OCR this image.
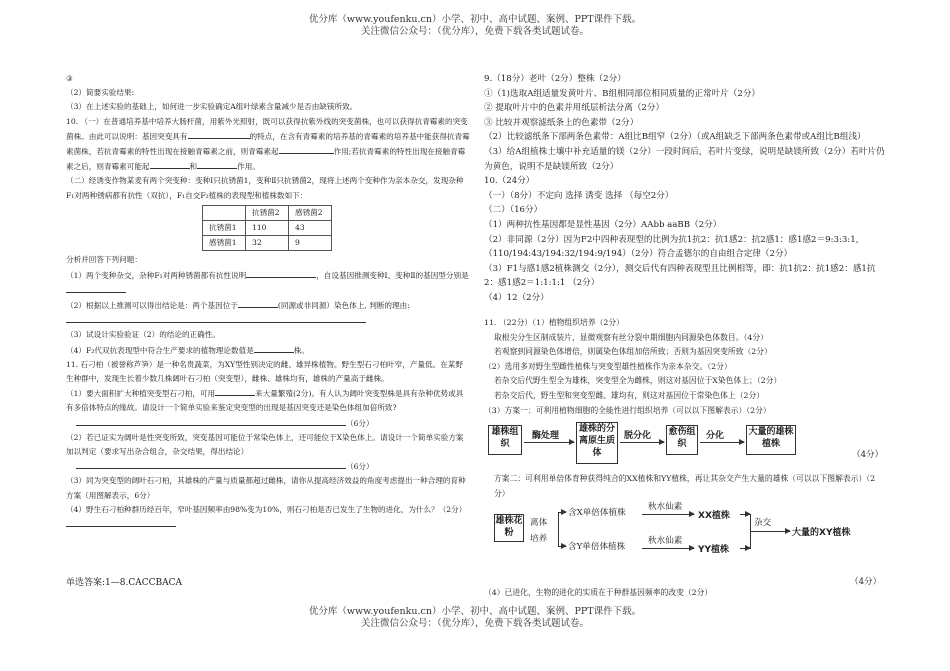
优分库（www.youfenku.cn）小学、初中、高中试题、案例、PPT课件下载。
关注微信公众号：（优分库），免费下载各类试题试卷。

③

（2）简要实验结果:

（3）在上述实验的基础上，如何进一步实验确定A组叶绿素含量减少是否由缺镁所致。

10. （一）在普通培养基中培养大肠杆菌，用紫外光照射，既可以获得抗紫外线的突变菌株，也可以获得抗青霉素的突变菌株。由此可以说明：基因突变具有	的特点，在含有青霉素的培养基的青霉素的培养基中能获得抗青霉素菌株，若抗青霉素的特性出现在接触青霉素之前，则青霉素起	作用;若抗青霉素的特性出现在接触青霉素之后，则青霉素可能起	和	作用。

（二）经诱变作物某麦有两个突变种：变种Ⅰ只抗锈菌1，变种Ⅱ只抗锈菌2，现将上述两个变种作为亲本杂交，发现杂种F₁对两种锈病都有抗性（双抗），F₁自交F₂植株的表现型和植株数如下：

	抗锈菌2	感锈菌2
抗锈菌1	110	43
感锈菌1	32	9

分析并回答下列问题：

（1）两个变种杂交，杂种F₁对两种锈菌都有抗性说明	，自设基因推测变种Ⅰ、变种Ⅱ的基因型分别是

（2）根据以上推测可以得出结论是：两个基因位于	(同源或非同源）染色体上, 判断的理由:

（3）试设计实验验证（2）的结论的正确性。

（4）F₂代双抗表现型中符合生产要求的植物理论数值是	株。

11. 石刁柏（被誉称芦笋）是一种名贵蔬菜，为XY型性别决定的雌、雄异株植物。野生型石刁柏叶窄，产量低。在某野生种群中，发现生长着少数几株阔叶石刁柏（突变型），雌株、雄株均有，雄株的产量高于雌株。

（1）要大面积扩大种植突变型石刁柏，可用	来大量繁殖(2分)。有人认为阔叶突变型株是具有杂种优势或具有多倍体特点的缘故。请设计一个简单实验来鉴定突变型的出现是基因突变还是染色体组加倍所致?

（6分）

（2）若已证实为阔叶是性突变所致，突变基因可能位于常染色体上，还可能位于X染色体上。请设计一个简单实验方案加以判定（要求写出杂合组合，杂交结果，得出结论）

（6分）

（3）同为突变型的阔叶石刁柏，其雄株的产量与质量都超过雌株，请你从提高经济效益的角度考虑提出一种合理的育种方案（用图解表示，6分）

（4）野生石刁柏种群历经百年，窄叶基因频率由98%变为10%，则石刁柏是否已发生了生物的进化，为什么？（2分）

单选答案:1—8.CACCBACA

9.（18分）老叶（2分）整株（2分）

①（1)选取A组适量发黄叶片、B组相同部位相同质量的正常叶片（2分）

② 提取叶片中的色素并用纸层析法分离（2分）

③ 比较并观察滤纸条上的色素带（2分）

（2）比较滤纸条下部两条色素带：A组比B组窄（2分）（或A组缺乏下部两条色素带或A组比B组浅）

（3）给A组植株土壤中补充适量的镁（2分）一段时间后，若叶片变绿，说明是缺镁所致（2分）若叶片仍为黄色，说明不是缺镁所致（2分）

10.（24分）

（一）（8分）不定向 选择 诱变 选择 （每空2分）

（二）（16分）

（1）两种抗性基因都是显性基因（2分）AAbb aaBB（2分）

（2）非同源（2分）因为F2中四种表现型的比例为抗1抗2：抗1感2：抗2感1：感1感2＝9:3:3:1，（110/194:43/194:32/194:9/194）（2分）符合孟德尔的自由组合定律（2分）

（3）F1与感1感2植株测交（2分），测交后代有四种表现型且比例相等，即：抗1抗2：抗1感2：感1抗2：感1感2＝1:1:1:1 （2分）

（4）12（2分）

11. （22分）（1）植物组织培养（2分）

取根尖分生区制成装片，显微观察有丝分裂中期细胞内同源染色体数目。（4分）

若观察到同源染色体增倍，则属染色体组加倍所致；否则为基因突变所致（2分）

（2）选用多对野生型雌性植株与突变型雄性植株作为亲本杂交。（2分）

若杂交后代野生型全为雄株，突变型全为雌株，则这对基因位于X染色体上；（2分）

若杂交后代，野生型和突变型雌、雄均有，则这对基因位于常染色体上（2分）

（3）方案一：可利用植物细胞的全能性进行组织培养（可以以下图解表示）（2分）

雄株组织
酶处理
雄株的分离原生质体
脱分化 愈伤组织
分化	大量的雄株植株
（4分）

方案二：可利用单倍体育种获得纯合的XX植株和YY植株，再让其杂交产生大量的雄株（可以以下图解表示）（2分）

雄株花粉
离体
培养
含X单倍体植株
含Y单倍体植株
秋水仙素
秋水仙素
XX植株
YY植株
杂交
大量的XY植株
（4分）

（4）已进化，生物的进化的实质在于种群基因频率的改变（2分）

优分库（www.youfenku.cn）小学、初中、高中试题、案例、PPT课件下载。
关注微信公众号：（优分库），免费下载各类试题试卷。
